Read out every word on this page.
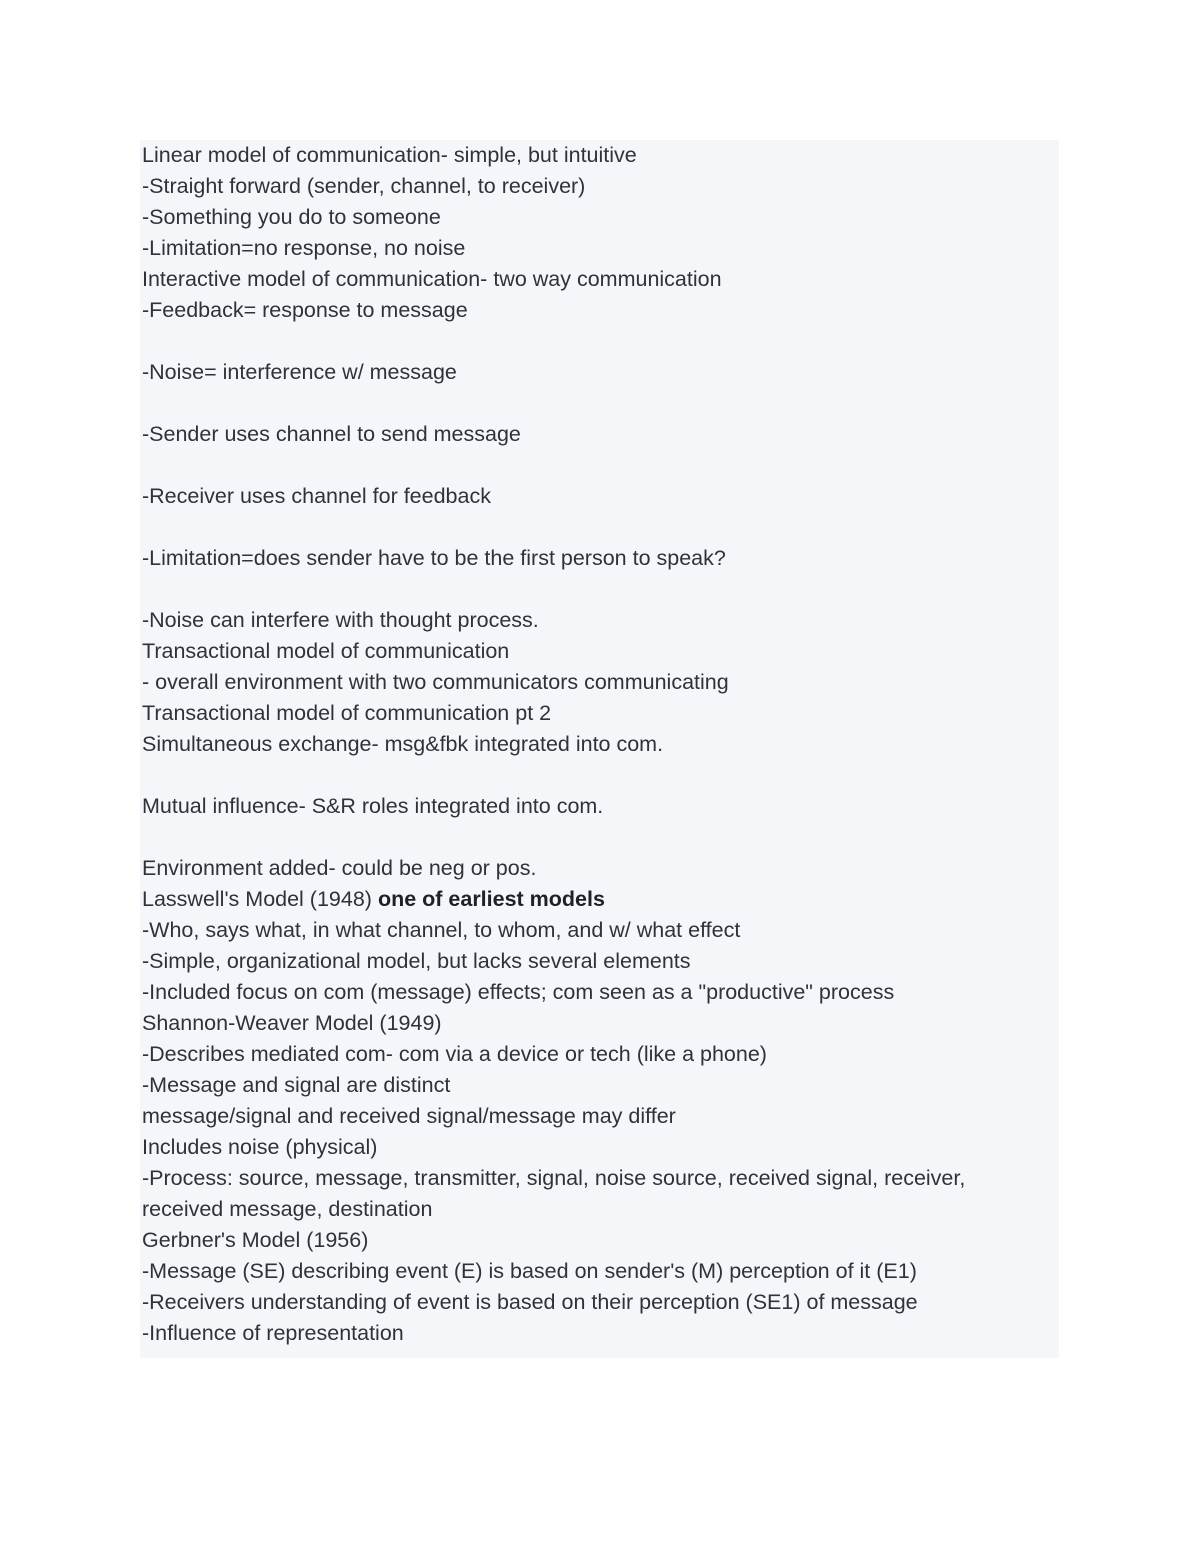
Linear model of communication- simple, but intuitive
-Straight forward (sender, channel, to receiver)
-Something you do to someone
-Limitation=no response, no noise
Interactive model of communication- two way communication
-Feedback= response to message
-Noise= interference w/ message
-Sender uses channel to send message
-Receiver uses channel for feedback
-Limitation=does sender have to be the first person to speak?
-Noise can interfere with thought process.
Transactional model of communication
- overall environment with two communicators communicating
Transactional model of communication pt 2
Simultaneous exchange- msg&fbk integrated into com.
Mutual influence- S&R roles integrated into com.
Environment added- could be neg or pos.
Lasswell's Model (1948) one of earliest models
-Who, says what, in what channel, to whom, and w/ what effect
-Simple, organizational model, but lacks several elements
-Included focus on com (message) effects; com seen as a "productive" process
Shannon-Weaver Model (1949)
-Describes mediated com- com via a device or tech (like a phone)
-Message and signal are distinct
message/signal and received signal/message may differ
Includes noise (physical)
-Process: source, message, transmitter, signal, noise source, received signal, receiver,
received message, destination
Gerbner's Model (1956)
-Message (SE) describing event (E) is based on sender's (M) perception of it (E1)
-Receivers understanding of event is based on their perception (SE1) of message
-Influence of representation
